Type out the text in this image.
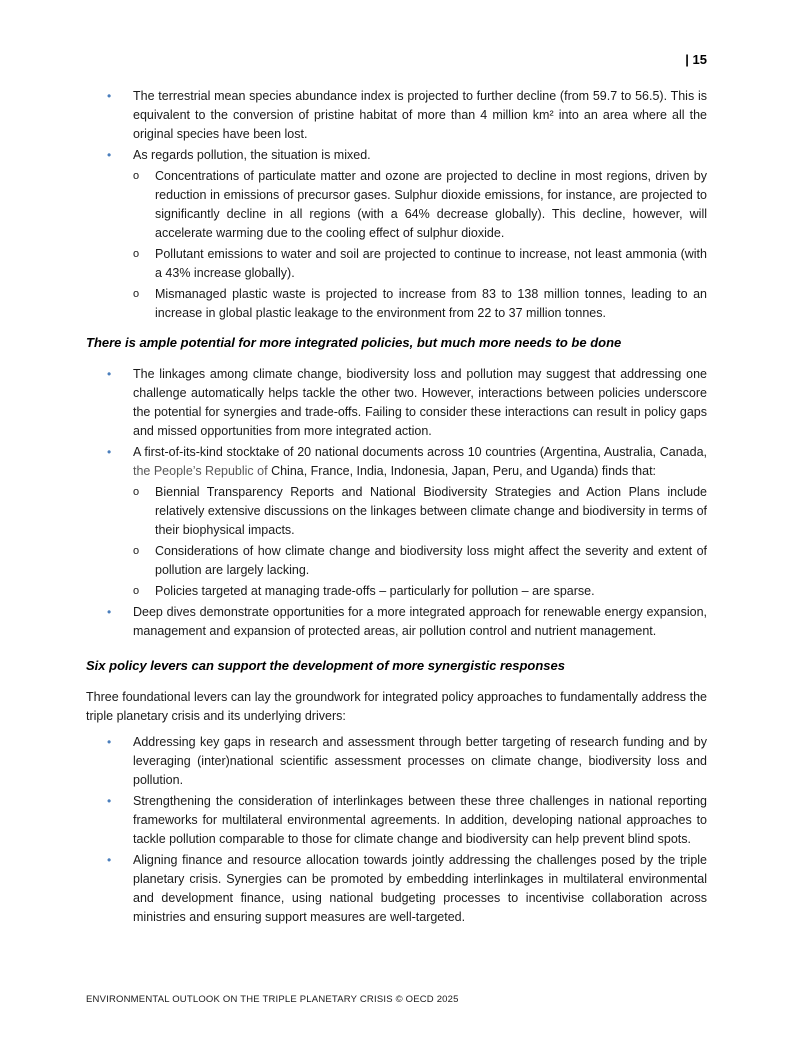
| 15
•	The terrestrial mean species abundance index is projected to further decline (from 59.7 to 56.5). This is equivalent to the conversion of pristine habitat of more than 4 million km² into an area where all the original species have been lost.
•	As regards pollution, the situation is mixed.
o	Concentrations of particulate matter and ozone are projected to decline in most regions, driven by reduction in emissions of precursor gases. Sulphur dioxide emissions, for instance, are projected to significantly decline in all regions (with a 64% decrease globally). This decline, however, will accelerate warming due to the cooling effect of sulphur dioxide.
o	Pollutant emissions to water and soil are projected to continue to increase, not least ammonia (with a 43% increase globally).
o	Mismanaged plastic waste is projected to increase from 83 to 138 million tonnes, leading to an increase in global plastic leakage to the environment from 22 to 37 million tonnes.
There is ample potential for more integrated policies, but much more needs to be done
•	The linkages among climate change, biodiversity loss and pollution may suggest that addressing one challenge automatically helps tackle the other two. However, interactions between policies underscore the potential for synergies and trade-offs. Failing to consider these interactions can result in policy gaps and missed opportunities from more integrated action.
•	A first-of-its-kind stocktake of 20 national documents across 10 countries (Argentina, Australia, Canada, the People’s Republic of China, France, India, Indonesia, Japan, Peru, and Uganda) finds that:
o	Biennial Transparency Reports and National Biodiversity Strategies and Action Plans include relatively extensive discussions on the linkages between climate change and biodiversity in terms of their biophysical impacts.
o	Considerations of how climate change and biodiversity loss might affect the severity and extent of pollution are largely lacking.
o	Policies targeted at managing trade-offs – particularly for pollution – are sparse.
•	Deep dives demonstrate opportunities for a more integrated approach for renewable energy expansion, management and expansion of protected areas, air pollution control and nutrient management.
Six policy levers can support the development of more synergistic responses
Three foundational levers can lay the groundwork for integrated policy approaches to fundamentally address the triple planetary crisis and its underlying drivers:
•	Addressing key gaps in research and assessment through better targeting of research funding and by leveraging (inter)national scientific assessment processes on climate change, biodiversity loss and pollution.
•	Strengthening the consideration of interlinkages between these three challenges in national reporting frameworks for multilateral environmental agreements. In addition, developing national approaches to tackle pollution comparable to those for climate change and biodiversity can help prevent blind spots.
•	Aligning finance and resource allocation towards jointly addressing the challenges posed by the triple planetary crisis. Synergies can be promoted by embedding interlinkages in multilateral environmental and development finance, using national budgeting processes to incentivise collaboration across ministries and ensuring support measures are well-targeted.
ENVIRONMENTAL OUTLOOK ON THE TRIPLE PLANETARY CRISIS © OECD 2025
